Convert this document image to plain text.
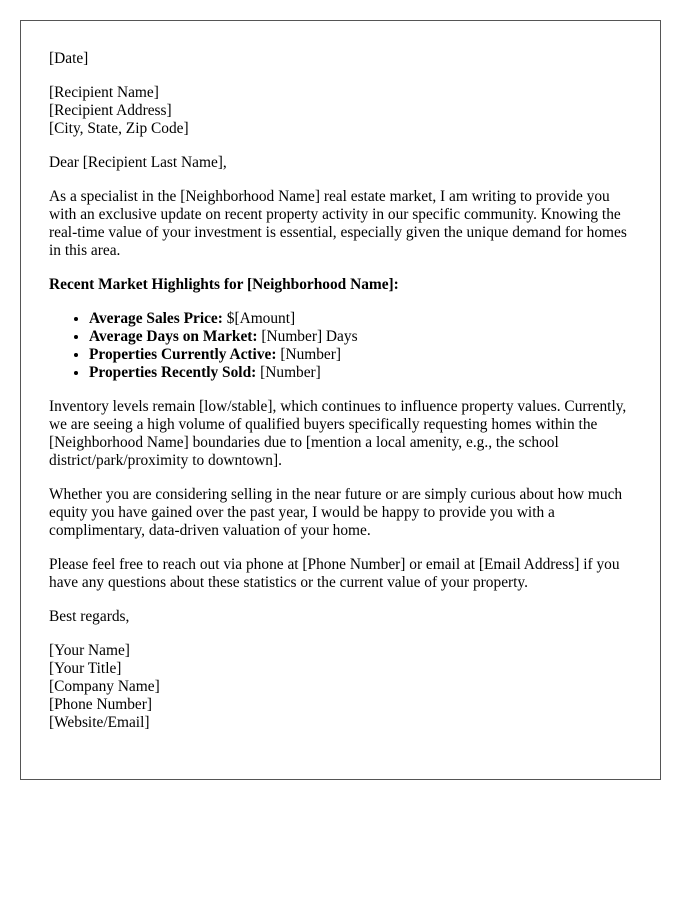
[Date]
[Recipient Name]
[Recipient Address]
[City, State, Zip Code]
Dear [Recipient Last Name],
As a specialist in the [Neighborhood Name] real estate market, I am writing to provide you with an exclusive update on recent property activity in our specific community. Knowing the real-time value of your investment is essential, especially given the unique demand for homes in this area.
Recent Market Highlights for [Neighborhood Name]:
• Average Sales Price: $[Amount]
• Average Days on Market: [Number] Days
• Properties Currently Active: [Number]
• Properties Recently Sold: [Number]
Inventory levels remain [low/stable], which continues to influence property values. Currently, we are seeing a high volume of qualified buyers specifically requesting homes within the [Neighborhood Name] boundaries due to [mention a local amenity, e.g., the school district/park/proximity to downtown].
Whether you are considering selling in the near future or are simply curious about how much equity you have gained over the past year, I would be happy to provide you with a complimentary, data-driven valuation of your home.
Please feel free to reach out via phone at [Phone Number] or email at [Email Address] if you have any questions about these statistics or the current value of your property.
Best regards,
[Your Name]
[Your Title]
[Company Name]
[Phone Number]
[Website/Email]
